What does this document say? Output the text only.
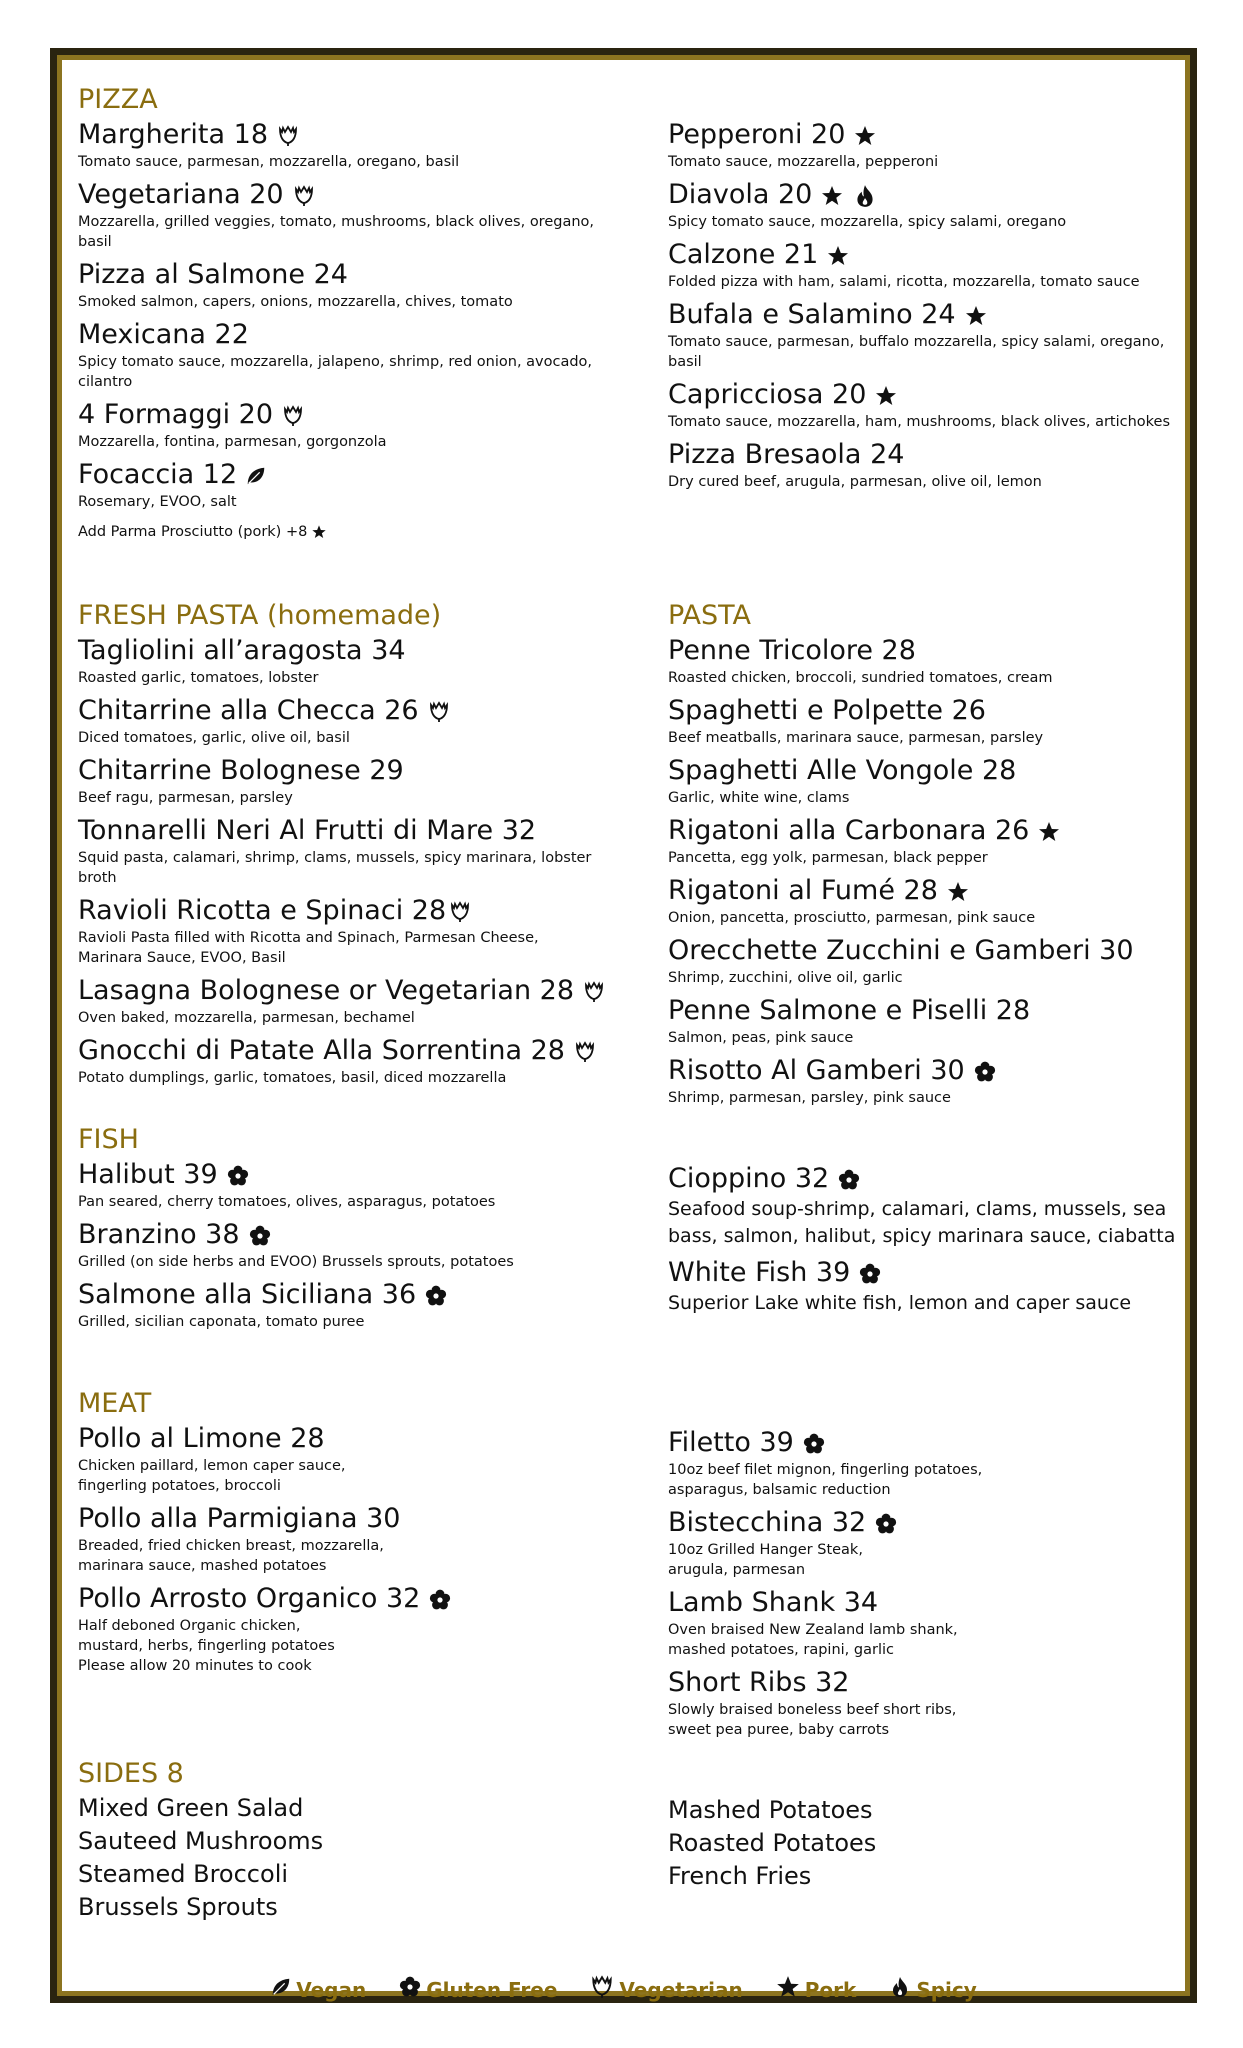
PIZZA
Margherita 18
Tomato sauce, parmesan, mozzarella, oregano, basil
Vegetariana 20
Mozzarella, grilled veggies, tomato, mushrooms, black olives, oregano, basil
Pizza al Salmone 24
Smoked salmon, capers, onions, mozzarella, chives, tomato
Mexicana 22
Spicy tomato sauce, mozzarella, jalapeno, shrimp, red onion, avocado, cilantro
4 Formaggi 20
Mozzarella, fontina, parmesan, gorgonzola
Focaccia 12
Rosemary, EVOO, salt
Add Parma Prosciutto (pork) +8
Pepperoni 20
Tomato sauce, mozzarella, pepperoni
Diavola 20
Spicy tomato sauce, mozzarella, spicy salami, oregano
Calzone 21
Folded pizza with ham, salami, ricotta, mozzarella, tomato sauce
Bufala e Salamino 24
Tomato sauce, parmesan, buffalo mozzarella, spicy salami, oregano, basil
Capricciosa 20
Tomato sauce, mozzarella, ham, mushrooms, black olives, artichokes
Pizza Bresaola 24
Dry cured beef, arugula, parmesan, olive oil, lemon
FRESH PASTA (homemade)
Tagliolini all’aragosta 34
Roasted garlic, tomatoes, lobster
Chitarrine alla Checca 26
Diced tomatoes, garlic, olive oil, basil
Chitarrine Bolognese 29
Beef ragu, parmesan, parsley
Tonnarelli Neri Al Frutti di Mare 32
Squid pasta, calamari, shrimp, clams, mussels, spicy marinara, lobster broth
Ravioli Ricotta e Spinaci 28
Ravioli Pasta filled with Ricotta and Spinach, Parmesan Cheese, Marinara Sauce, EVOO, Basil
Lasagna Bolognese or Vegetarian 28
Oven baked, mozzarella, parmesan, bechamel
Gnocchi di Patate Alla Sorrentina 28
Potato dumplings, garlic, tomatoes, basil, diced mozzarella
PASTA
Penne Tricolore 28
Roasted chicken, broccoli, sundried tomatoes, cream
Spaghetti e Polpette 26
Beef meatballs, marinara sauce, parmesan, parsley
Spaghetti Alle Vongole 28
Garlic, white wine, clams
Rigatoni alla Carbonara 26
Pancetta, egg yolk, parmesan, black pepper
Rigatoni al Fumé 28
Onion, pancetta, prosciutto, parmesan, pink sauce
Orecchette Zucchini e Gamberi 30
Shrimp, zucchini, olive oil, garlic
Penne Salmone e Piselli 28
Salmon, peas, pink sauce
Risotto Al Gamberi 30
Shrimp, parmesan, parsley, pink sauce
FISH
Halibut 39
Pan seared, cherry tomatoes, olives, asparagus, potatoes
Branzino 38
Grilled (on side herbs and EVOO) Brussels sprouts, potatoes
Salmone alla Siciliana 36
Grilled, sicilian caponata, tomato puree
Cioppino 32
Seafood soup-shrimp, calamari, clams, mussels, sea bass, salmon, halibut, spicy marinara sauce, ciabatta
White Fish 39
Superior Lake white fish, lemon and caper sauce
MEAT
Pollo al Limone 28
Chicken paillard, lemon caper sauce,
fingerling potatoes, broccoli
Pollo alla Parmigiana 30
Breaded, fried chicken breast, mozzarella,
marinara sauce, mashed potatoes
Pollo Arrosto Organico 32
Half deboned Organic chicken,
mustard, herbs, fingerling potatoes
Please allow 20 minutes to cook
Filetto 39
10oz beef filet mignon, fingerling potatoes,
asparagus, balsamic reduction
Bistecchina 32
10oz Grilled Hanger Steak,
arugula, parmesan
Lamb Shank 34
Oven braised New Zealand lamb shank,
mashed potatoes, rapini, garlic
Short Ribs 32
Slowly braised boneless beef short ribs,
sweet pea puree, baby carrots
SIDES 8
Mixed Green Salad
Sauteed Mushrooms
Steamed Broccoli
Brussels Sprouts
Mashed Potatoes
Roasted Potatoes
French Fries
Vegan	Gluten Free	Vegetarian	Pork	Spicy
